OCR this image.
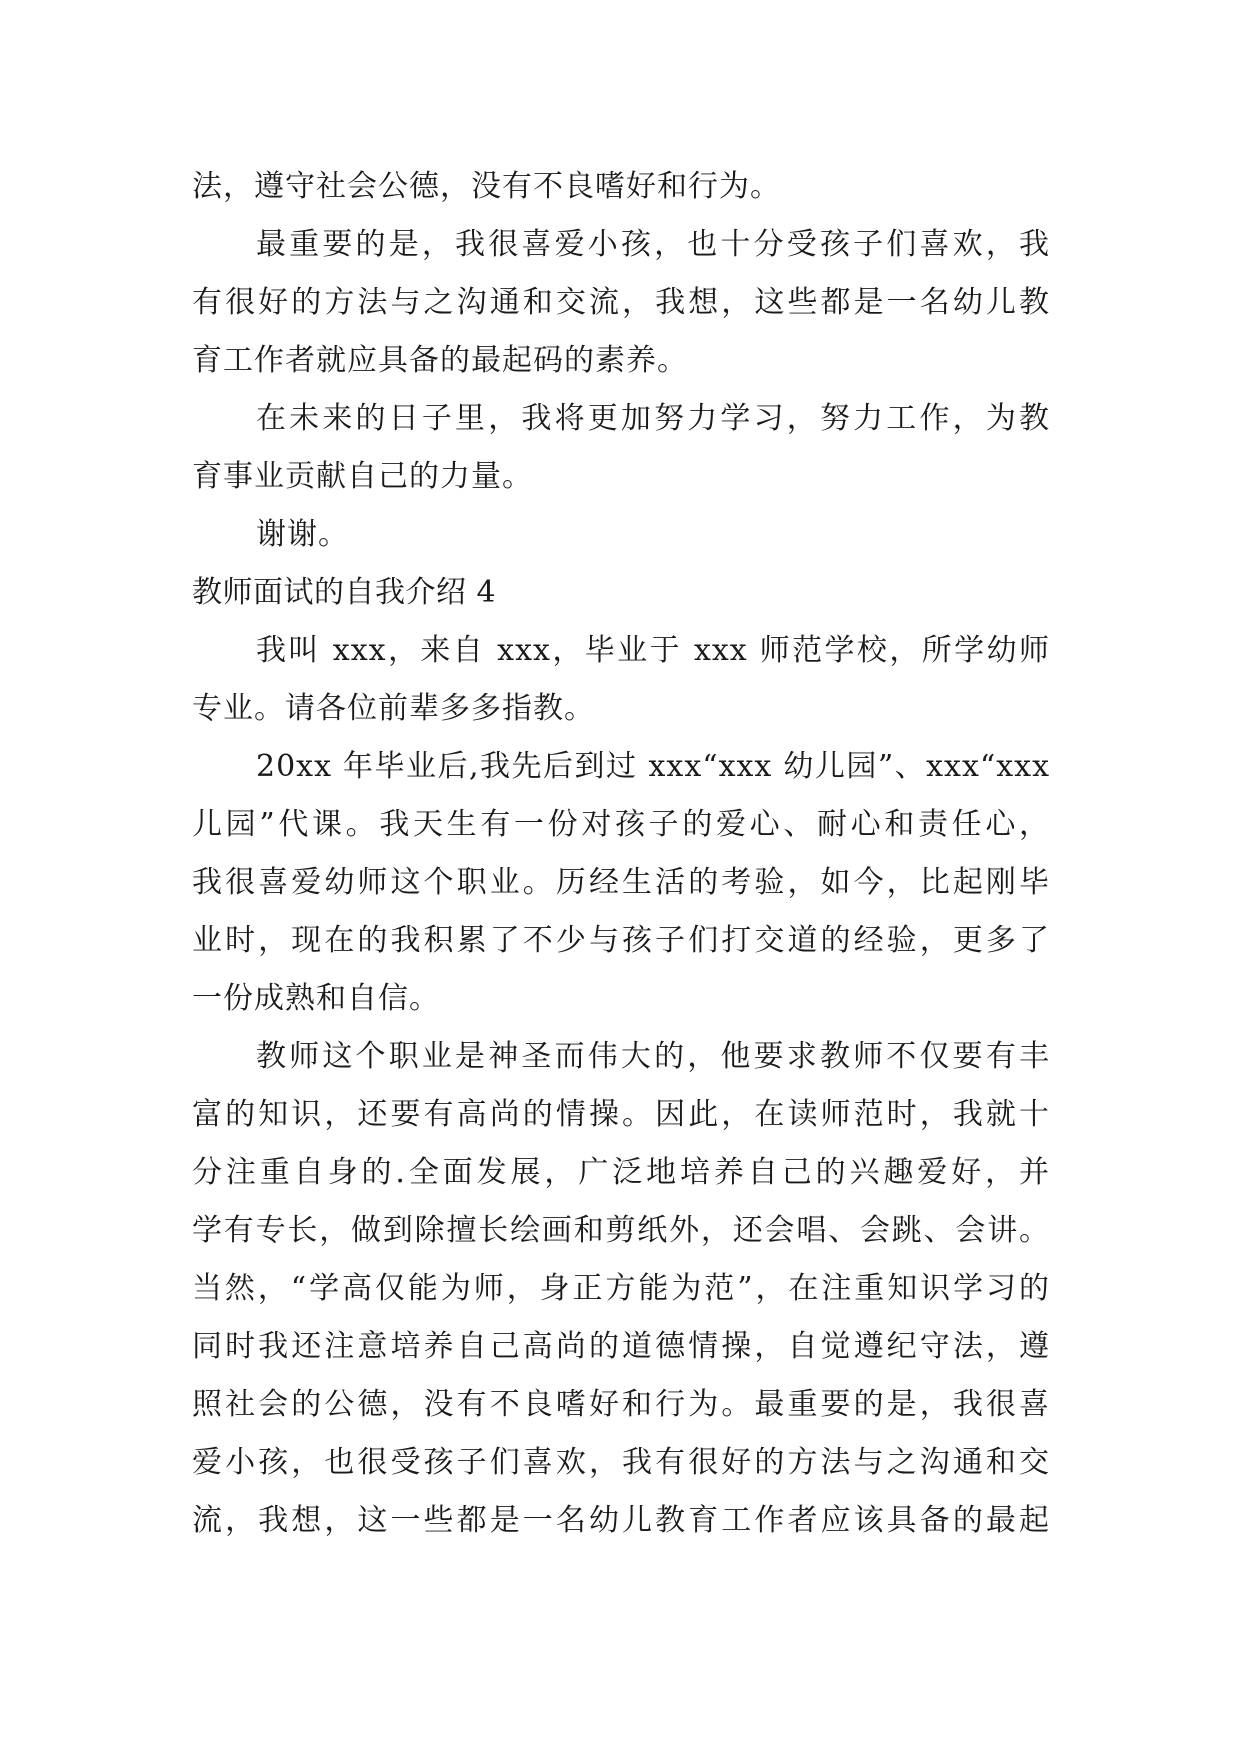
法，遵守社会公德，没有不良嗜好和行为。
最重要的是，我很喜爱小孩，也十分受孩子们喜欢，我
有很好的方法与之沟通和交流，我想，这些都是一名幼儿教
育工作者就应具备的最起码的素养。
在未来的日子里，我将更加努力学习，努力工作，为教
育事业贡献自己的力量。
谢谢。
教师面试的自我介绍 4
我叫 xxx，来自 xxx，毕业于 xxx 师范学校，所学幼师
专业。请各位前辈多多指教。
20xx 年毕业后,我先后到过 xxx“xxx 幼儿园”、xxx“xxx
儿园”代课。我天生有一份对孩子的爱心、耐心和责任心，
我很喜爱幼师这个职业。历经生活的考验，如今，比起刚毕
业时，现在的我积累了不少与孩子们打交道的经验，更多了
一份成熟和自信。
教师这个职业是神圣而伟大的，他要求教师不仅要有丰
富的知识，还要有高尚的情操。因此，在读师范时，我就十
分注重自身的.全面发展，广泛地培养自己的兴趣爱好，并
学有专长，做到除擅长绘画和剪纸外，还会唱、会跳、会讲。
当然，“学高仅能为师，身正方能为范”，在注重知识学习的
同时我还注意培养自己高尚的道德情操，自觉遵纪守法，遵
照社会的公德，没有不良嗜好和行为。最重要的是，我很喜
爱小孩，也很受孩子们喜欢，我有很好的方法与之沟通和交
流，我想，这一些都是一名幼儿教育工作者应该具备的最起
